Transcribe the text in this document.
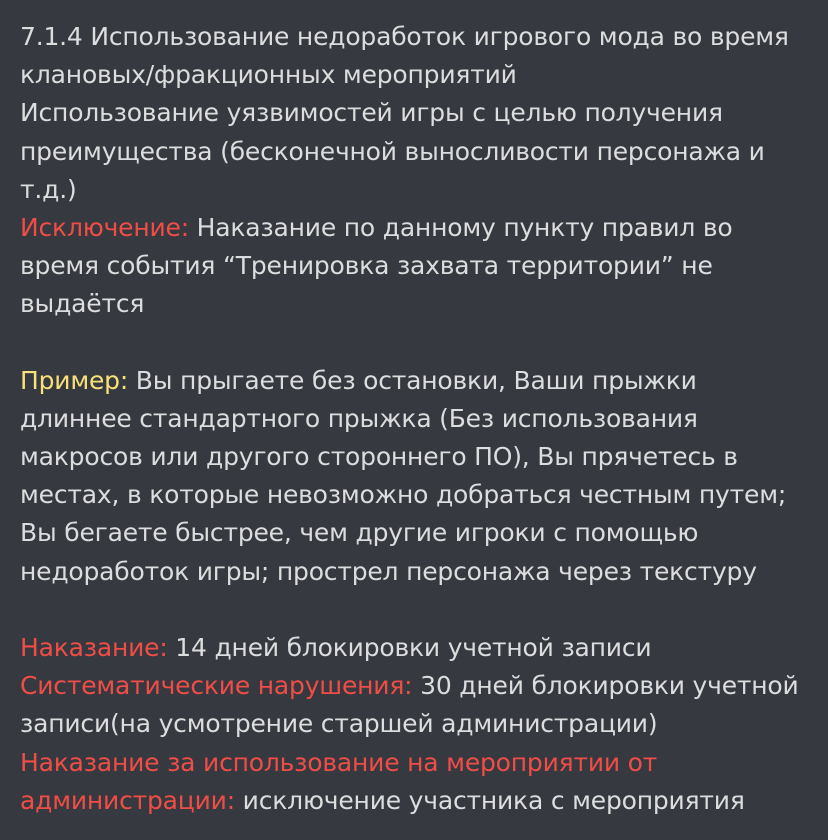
7.1.4 Использование недоработок игрового мода во время
клановых/фракционных мероприятий
Использование уязвимостей игры с целью получения
преимущества (бесконечной выносливости персонажа и
т.д.)
Исключение: Наказание по данному пункту правил во
время события “Тренировка захвата территории” не
выдаётся
Пример: Вы прыгаете без остановки, Ваши прыжки
длиннее стандартного прыжка (Без использования
макросов или другого стороннего ПО), Вы прячетесь в
местах, в которые невозможно добраться честным путем;
Вы бегаете быстрее, чем другие игроки с помощью
недоработок игры; прострел персонажа через текстуру
Наказание: 14 дней блокировки учетной записи
Систематические нарушения: 30 дней блокировки учетной
записи(на усмотрение старшей администрации)
Наказание за использование на мероприятии от
администрации: исключение участника с мероприятия
